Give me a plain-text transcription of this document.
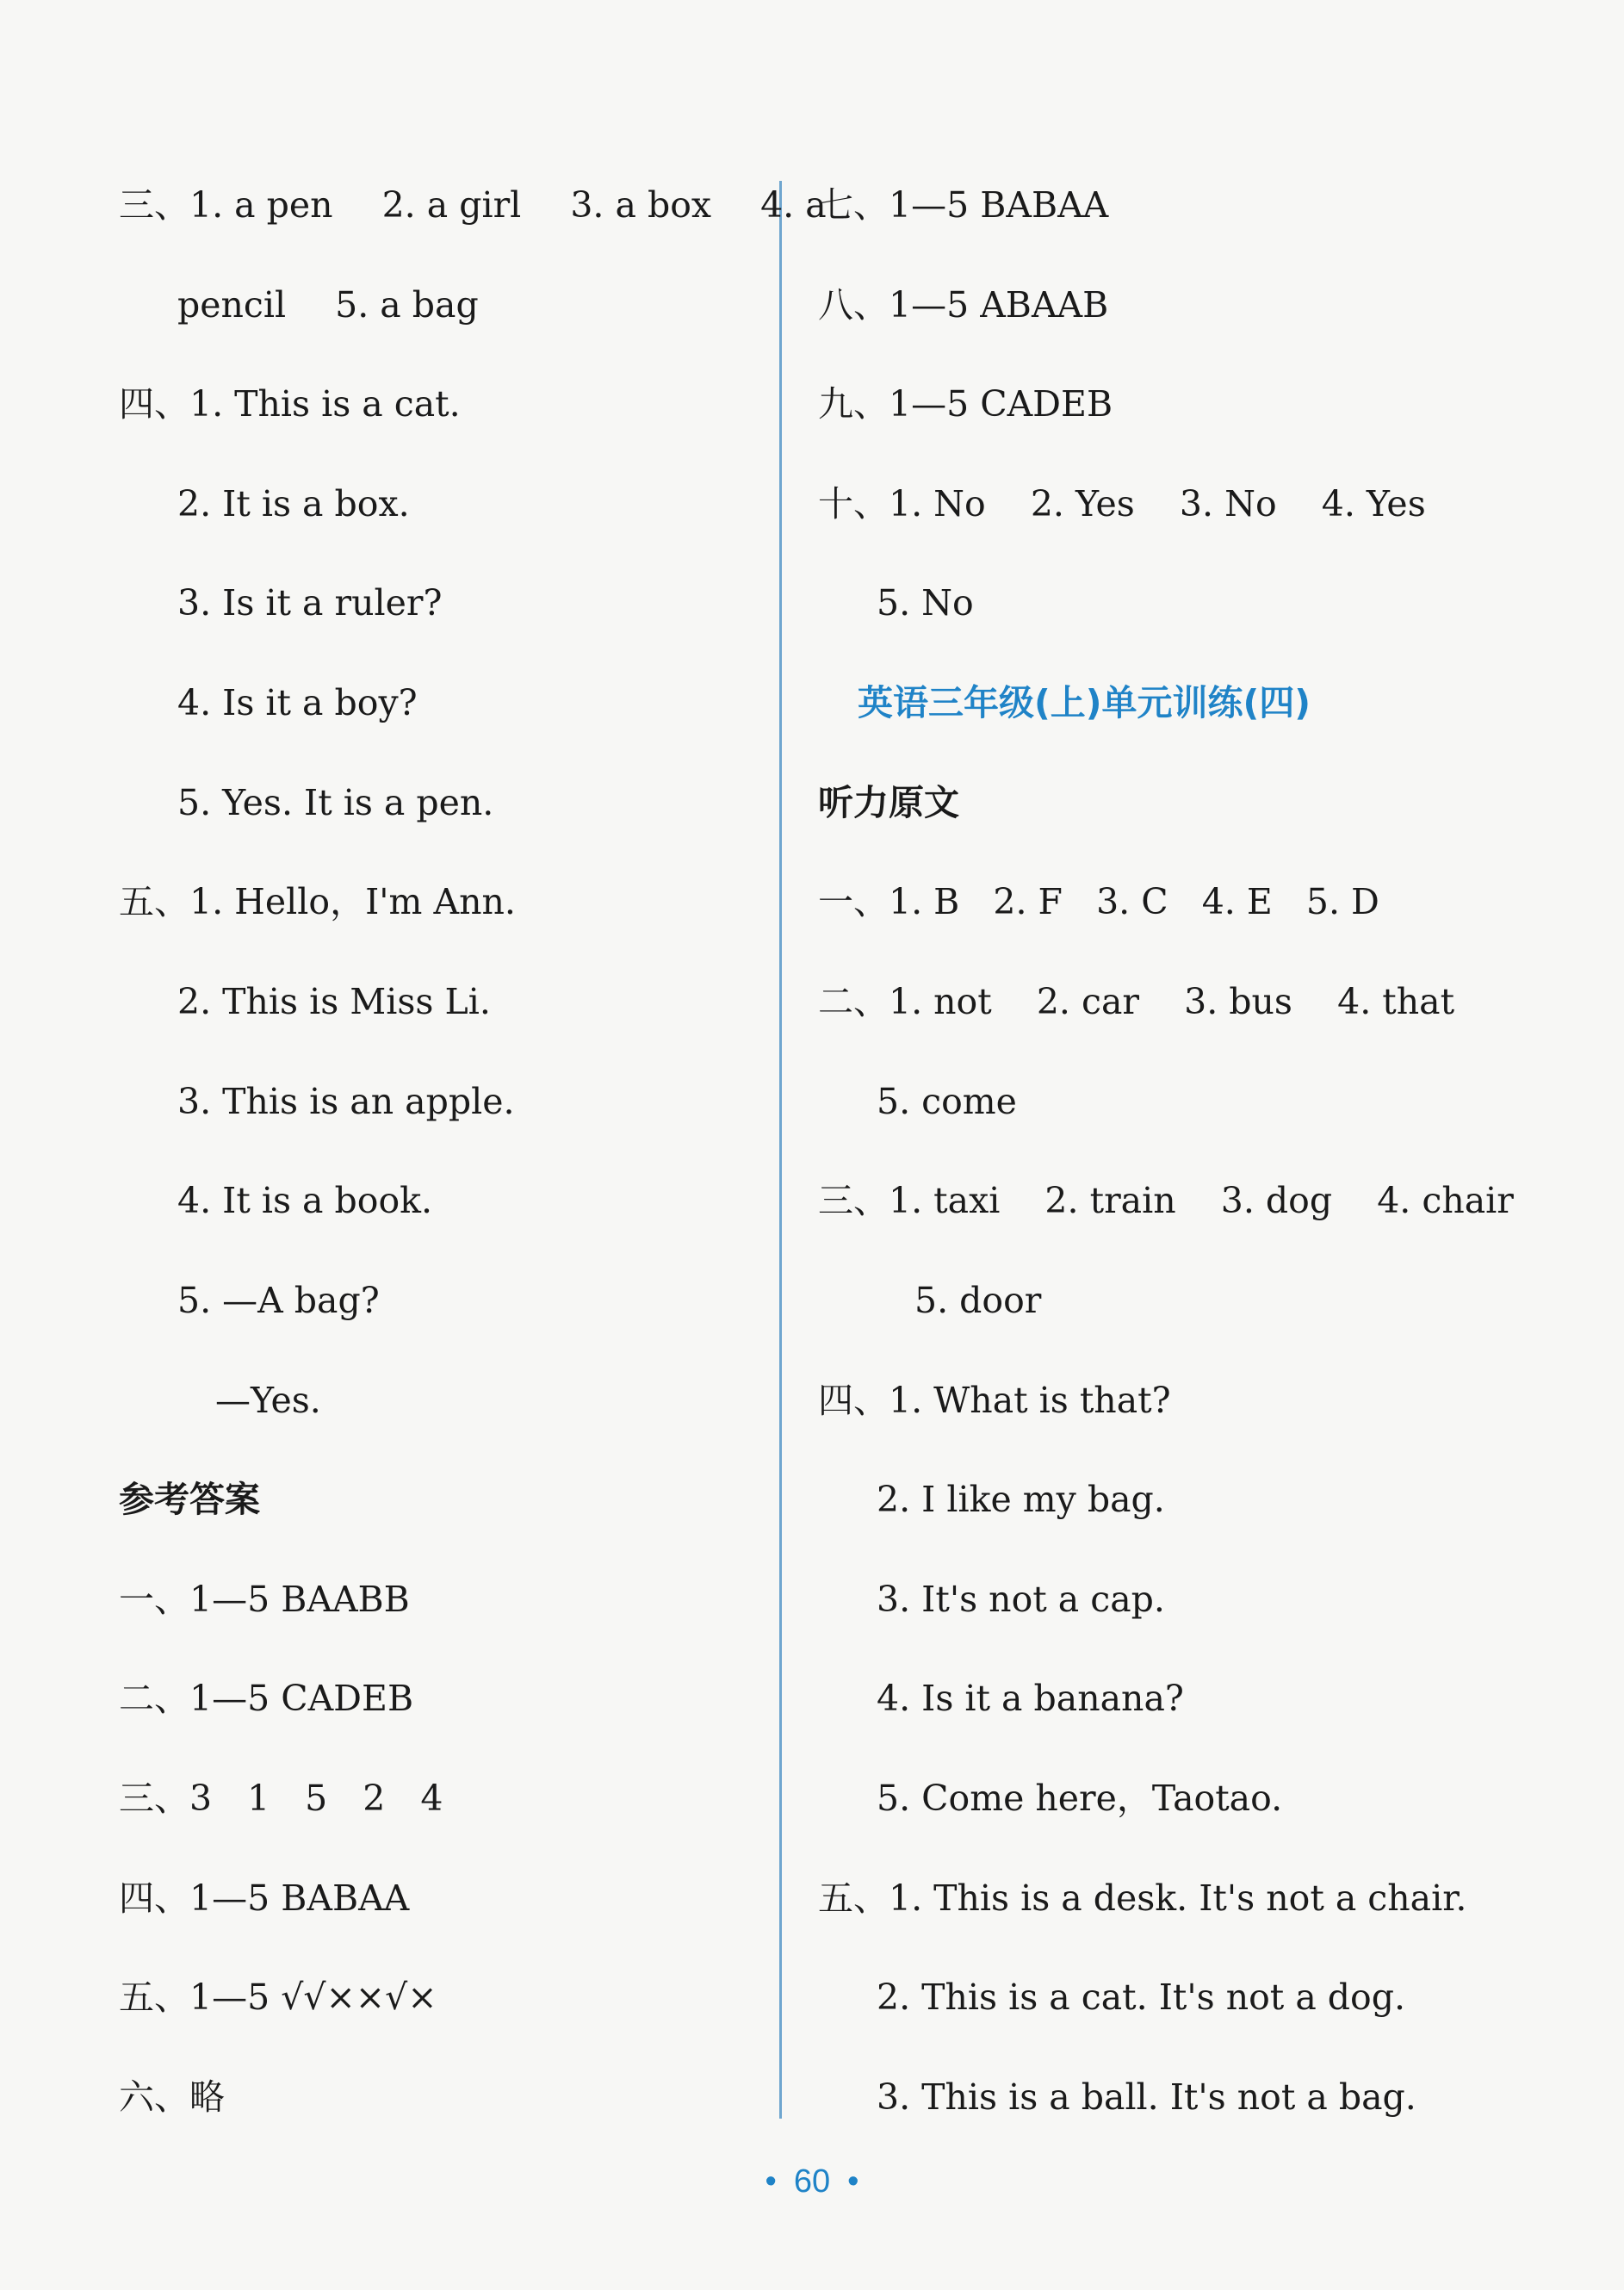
三、1. a pen 2. a girl 3. a box 4. a
pencil 5. a bag
四、1. This is a cat.
2. It is a box.
3. Is it a ruler?
4. Is it a boy?
5. Yes. It is a pen.
五、1. Hello，I'm Ann.
2. This is Miss Li.
3. This is an apple.
4. It is a book.
5. —A bag?
—Yes.
参考答案
一、1—5 BAABB
二、1—5 CADEB
三、3　1　5　2　4
四、1—5 BABAA
五、1—5 √√××√×
六、略
七、1—5 BABAA
八、1—5 ABAAB
九、1—5 CADEB
十、1. No    2. Yes    3. No    4. Yes
5. No
英语三年级(上)单元训练(四)
听力原文
一、1. B   2. F   3. C   4. E   5. D
二、1. not    2. car    3. bus    4. that
5. come
三、1. taxi    2. train    3. dog    4. chair
5. door
四、1. What is that?
2. I like my bag.
3. It's not a cap.
4. Is it a banana?
5. Come here，Taotao.
五、1. This is a desk. It's not a chair.
2. This is a cat. It's not a dog.
3. This is a ball. It's not a bag.
• 60 •
